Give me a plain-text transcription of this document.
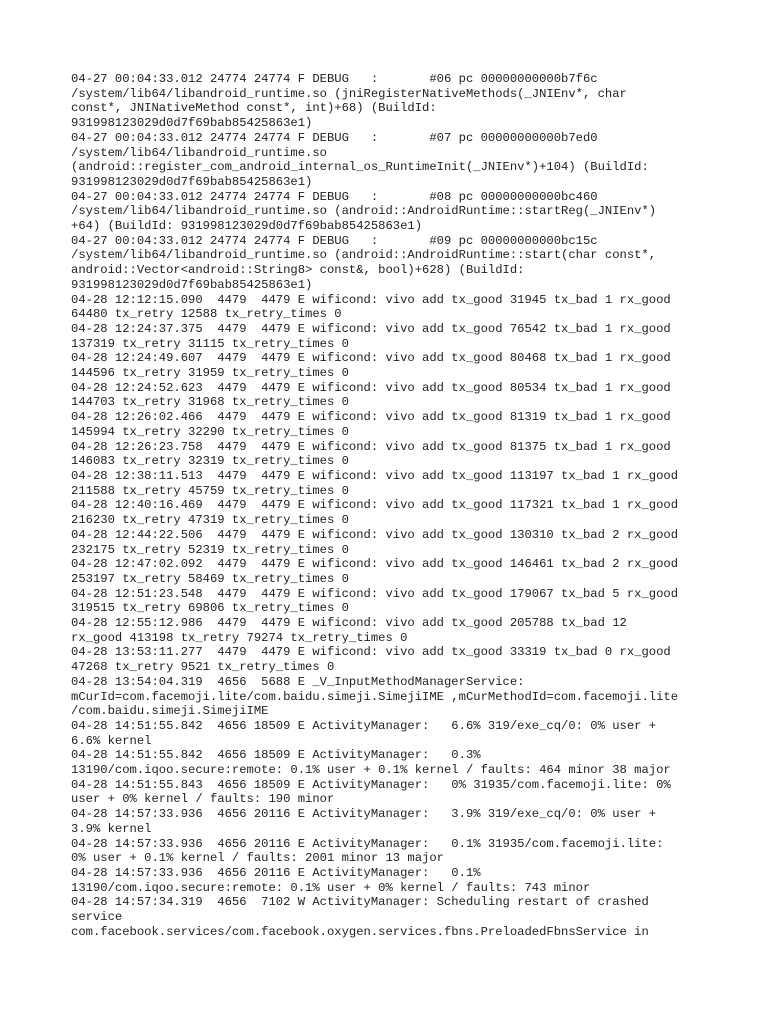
04-27 00:04:33.012 24774 24774 F DEBUG   :       #06 pc 00000000000b7f6c
/system/lib64/libandroid_runtime.so (jniRegisterNativeMethods(_JNIEnv*, char
const*, JNINativeMethod const*, int)+68) (BuildId:
931998123029d0d7f69bab85425863e1)
04-27 00:04:33.012 24774 24774 F DEBUG   :       #07 pc 00000000000b7ed0
/system/lib64/libandroid_runtime.so
(android::register_com_android_internal_os_RuntimeInit(_JNIEnv*)+104) (BuildId:
931998123029d0d7f69bab85425863e1)
04-27 00:04:33.012 24774 24774 F DEBUG   :       #08 pc 00000000000bc460
/system/lib64/libandroid_runtime.so (android::AndroidRuntime::startReg(_JNIEnv*)
+64) (BuildId: 931998123029d0d7f69bab85425863e1)
04-27 00:04:33.012 24774 24774 F DEBUG   :       #09 pc 00000000000bc15c
/system/lib64/libandroid_runtime.so (android::AndroidRuntime::start(char const*,
android::Vector<android::String8> const&, bool)+628) (BuildId:
931998123029d0d7f69bab85425863e1)
04-28 12:12:15.090  4479  4479 E wificond: vivo add tx_good 31945 tx_bad 1 rx_good
64480 tx_retry 12588 tx_retry_times 0
04-28 12:24:37.375  4479  4479 E wificond: vivo add tx_good 76542 tx_bad 1 rx_good
137319 tx_retry 31115 tx_retry_times 0
04-28 12:24:49.607  4479  4479 E wificond: vivo add tx_good 80468 tx_bad 1 rx_good
144596 tx_retry 31959 tx_retry_times 0
04-28 12:24:52.623  4479  4479 E wificond: vivo add tx_good 80534 tx_bad 1 rx_good
144703 tx_retry 31968 tx_retry_times 0
04-28 12:26:02.466  4479  4479 E wificond: vivo add tx_good 81319 tx_bad 1 rx_good
145994 tx_retry 32290 tx_retry_times 0
04-28 12:26:23.758  4479  4479 E wificond: vivo add tx_good 81375 tx_bad 1 rx_good
146083 tx_retry 32319 tx_retry_times 0
04-28 12:38:11.513  4479  4479 E wificond: vivo add tx_good 113197 tx_bad 1 rx_good
211588 tx_retry 45759 tx_retry_times 0
04-28 12:40:16.469  4479  4479 E wificond: vivo add tx_good 117321 tx_bad 1 rx_good
216230 tx_retry 47319 tx_retry_times 0
04-28 12:44:22.506  4479  4479 E wificond: vivo add tx_good 130310 tx_bad 2 rx_good
232175 tx_retry 52319 tx_retry_times 0
04-28 12:47:02.092  4479  4479 E wificond: vivo add tx_good 146461 tx_bad 2 rx_good
253197 tx_retry 58469 tx_retry_times 0
04-28 12:51:23.548  4479  4479 E wificond: vivo add tx_good 179067 tx_bad 5 rx_good
319515 tx_retry 69806 tx_retry_times 0
04-28 12:55:12.986  4479  4479 E wificond: vivo add tx_good 205788 tx_bad 12
rx_good 413198 tx_retry 79274 tx_retry_times 0
04-28 13:53:11.277  4479  4479 E wificond: vivo add tx_good 33319 tx_bad 0 rx_good
47268 tx_retry 9521 tx_retry_times 0
04-28 13:54:04.319  4656  5688 E _V_InputMethodManagerService:
mCurId=com.facemoji.lite/com.baidu.simeji.SimejiIME ,mCurMethodId=com.facemoji.lite
/com.baidu.simeji.SimejiIME
04-28 14:51:55.842  4656 18509 E ActivityManager:   6.6% 319/exe_cq/0: 0% user +
6.6% kernel
04-28 14:51:55.842  4656 18509 E ActivityManager:   0.3%
13190/com.iqoo.secure:remote: 0.1% user + 0.1% kernel / faults: 464 minor 38 major
04-28 14:51:55.843  4656 18509 E ActivityManager:   0% 31935/com.facemoji.lite: 0%
user + 0% kernel / faults: 190 minor
04-28 14:57:33.936  4656 20116 E ActivityManager:   3.9% 319/exe_cq/0: 0% user +
3.9% kernel
04-28 14:57:33.936  4656 20116 E ActivityManager:   0.1% 31935/com.facemoji.lite:
0% user + 0.1% kernel / faults: 2001 minor 13 major
04-28 14:57:33.936  4656 20116 E ActivityManager:   0.1%
13190/com.iqoo.secure:remote: 0.1% user + 0% kernel / faults: 743 minor
04-28 14:57:34.319  4656  7102 W ActivityManager: Scheduling restart of crashed
service
com.facebook.services/com.facebook.oxygen.services.fbns.PreloadedFbnsService in
